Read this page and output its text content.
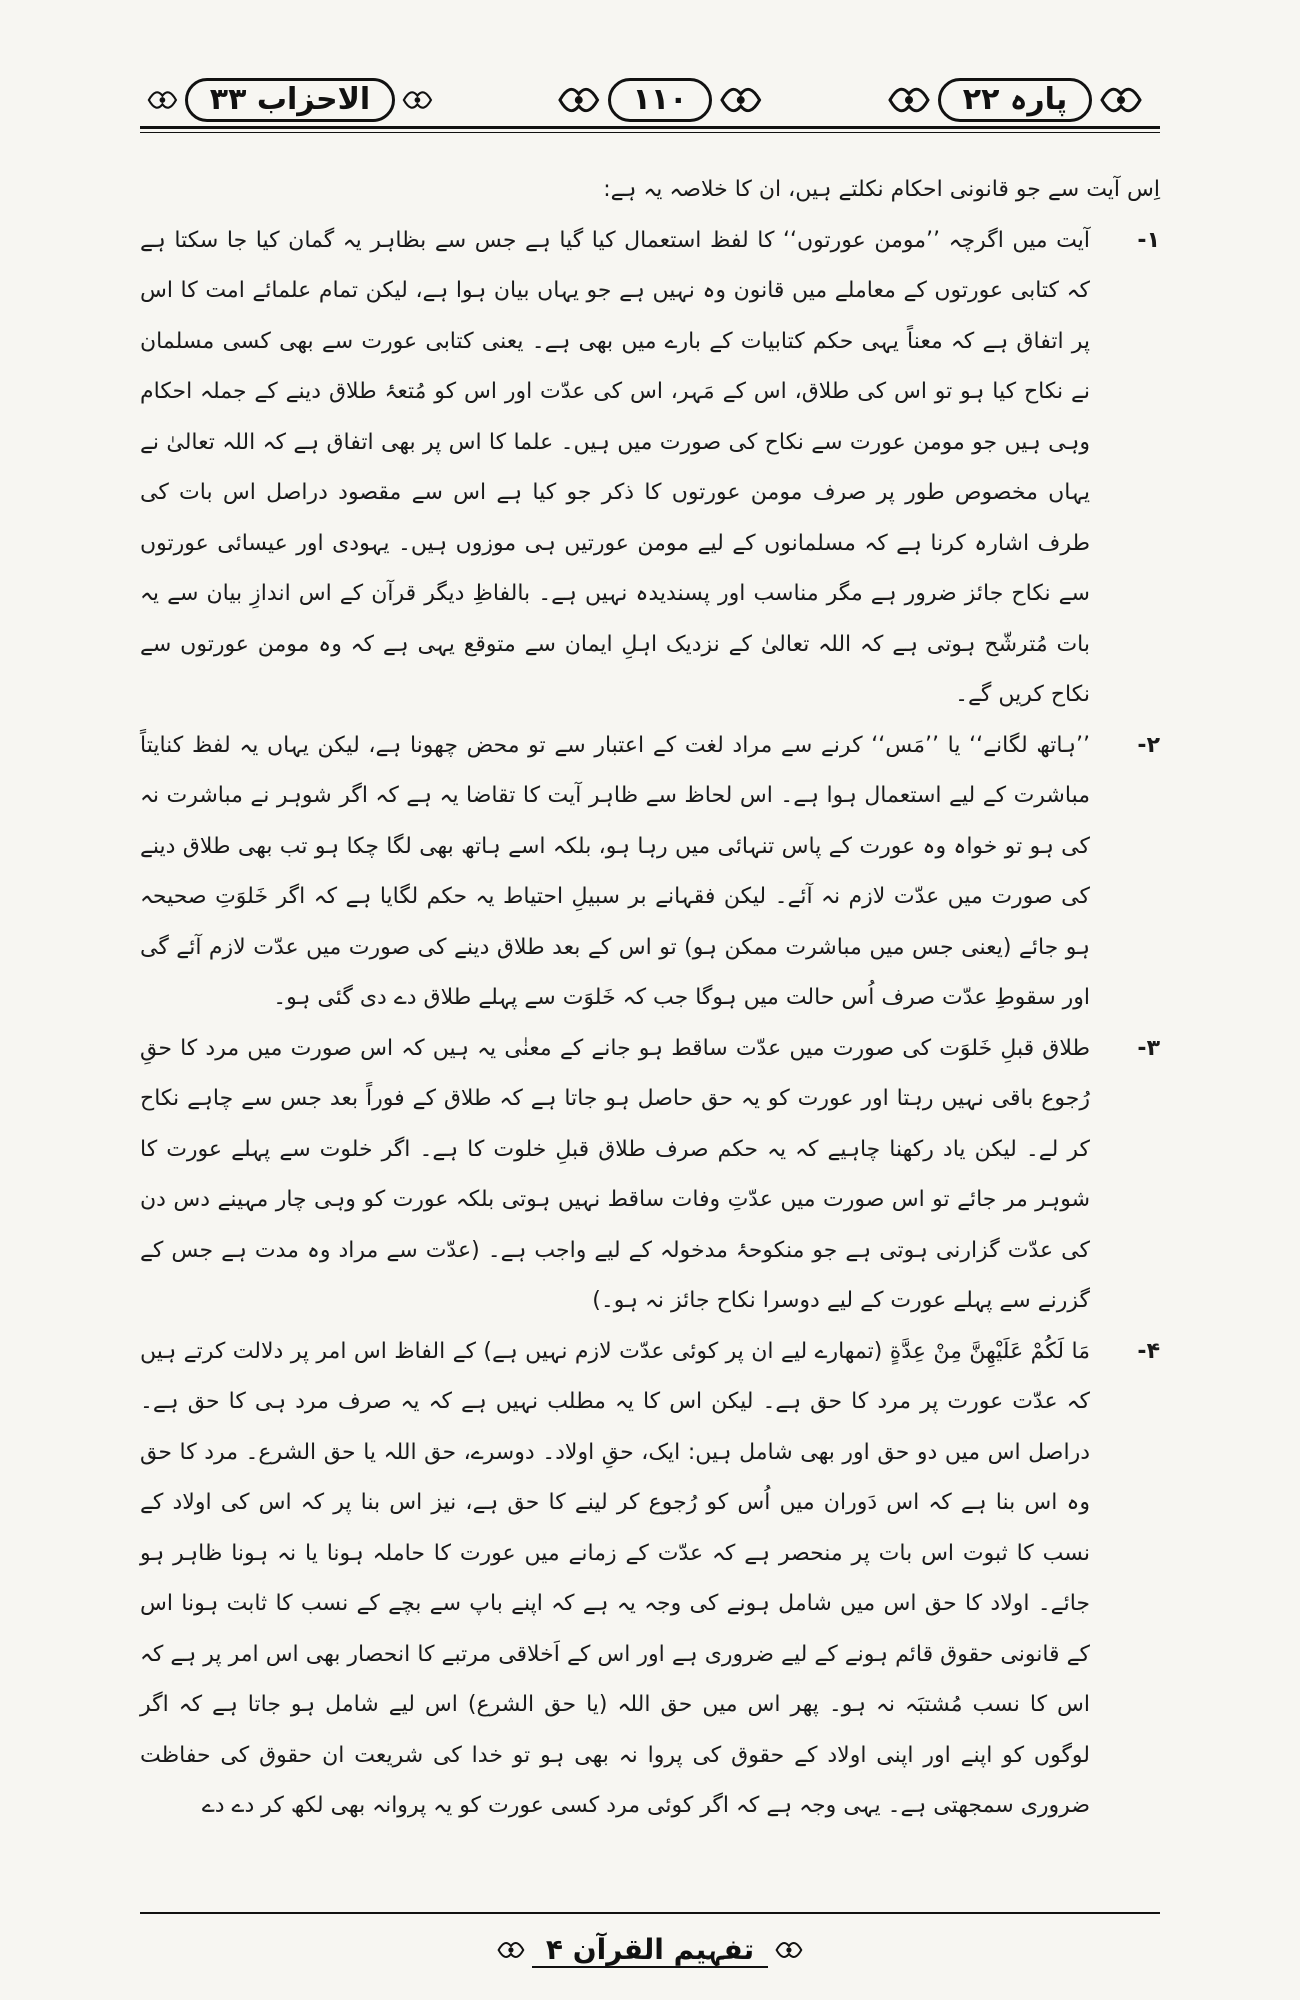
الاحزاب ۳۳	۱۱۰	پارہ ۲۲

اِس آیت سے جو قانونی احکام نکلتے ہیں، ان کا خلاصہ یہ ہے:

۱-
آیت میں اگرچہ ’’مومن عورتوں‘‘ کا لفظ استعمال کیا گیا ہے جس سے بظاہر یہ گمان کیا جا سکتا ہے کہ کتابی عورتوں کے معاملے میں قانون وہ نہیں ہے جو یہاں بیان ہوا ہے، لیکن تمام علمائے امت کا اس پر اتفاق ہے کہ معناً یہی حکم کتابیات کے بارے میں بھی ہے۔ یعنی کتابی عورت سے بھی کسی مسلمان نے نکاح کیا ہو تو اس کی طلاق، اس کے مَہر، اس کی عدّت اور اس کو مُتعۂ طلاق دینے کے جملہ احکام وہی ہیں جو مومن عورت سے نکاح کی صورت میں ہیں۔ علما کا اس پر بھی اتفاق ہے کہ اللہ تعالیٰ نے یہاں مخصوص طور پر صرف مومن عورتوں کا ذکر جو کیا ہے اس سے مقصود دراصل اس بات کی طرف اشارہ کرنا ہے کہ مسلمانوں کے لیے مومن عورتیں ہی موزوں ہیں۔ یہودی اور عیسائی عورتوں سے نکاح جائز ضرور ہے مگر مناسب اور پسندیدہ نہیں ہے۔ بالفاظِ دیگر قرآن کے اس اندازِ بیان سے یہ بات مُترشّح ہوتی ہے کہ اللہ تعالیٰ کے نزدیک اہلِ ایمان سے متوقع یہی ہے کہ وہ مومن عورتوں سے نکاح کریں گے۔
۲-
’’ہاتھ لگانے‘‘ یا ’’مَس‘‘ کرنے سے مراد لغت کے اعتبار سے تو محض چھونا ہے، لیکن یہاں یہ لفظ کنایتاً مباشرت کے لیے استعمال ہوا ہے۔ اس لحاظ سے ظاہر آیت کا تقاضا یہ ہے کہ اگر شوہر نے مباشرت نہ کی ہو تو خواہ وہ عورت کے پاس تنہائی میں رہا ہو، بلکہ اسے ہاتھ بھی لگا چکا ہو تب بھی طلاق دینے کی صورت میں عدّت لازم نہ آئے۔ لیکن فقہانے بر سبیلِ احتیاط یہ حکم لگایا ہے کہ اگر خَلوَتِ صحیحہ ہو جائے (یعنی جس میں مباشرت ممکن ہو) تو اس کے بعد طلاق دینے کی صورت میں عدّت لازم آئے گی اور سقوطِ عدّت صرف اُس حالت میں ہوگا جب کہ خَلوَت سے پہلے طلاق دے دی گئی ہو۔
۳-
طلاق قبلِ خَلوَت کی صورت میں عدّت ساقط ہو جانے کے معنٰی یہ ہیں کہ اس صورت میں مرد کا حقِ رُجوع باقی نہیں رہتا اور عورت کو یہ حق حاصل ہو جاتا ہے کہ طلاق کے فوراً بعد جس سے چاہے نکاح کر لے۔ لیکن یاد رکھنا چاہیے کہ یہ حکم صرف طلاق قبلِ خلوت کا ہے۔ اگر خلوت سے پہلے عورت کا شوہر مر جائے تو اس صورت میں عدّتِ وفات ساقط نہیں ہوتی بلکہ عورت کو وہی چار مہینے دس دن کی عدّت گزارنی ہوتی ہے جو منکوحۂ مدخولہ کے لیے واجب ہے۔ (عدّت سے مراد وہ مدت ہے جس کے گزرنے سے پہلے عورت کے لیے دوسرا نکاح جائز نہ ہو۔)
۴-
مَا لَكُمْ عَلَيْهِنَّ مِنْ عِدَّةٍ (تمھارے لیے ان پر کوئی عدّت لازم نہیں ہے) کے الفاظ اس امر پر دلالت کرتے ہیں کہ عدّت عورت پر مرد کا حق ہے۔ لیکن اس کا یہ مطلب نہیں ہے کہ یہ صرف مرد ہی کا حق ہے۔ دراصل اس میں دو حق اور بھی شامل ہیں: ایک، حقِ اولاد۔ دوسرے، حق اللہ یا حق الشرع۔ مرد کا حق وہ اس بنا ہے کہ اس دَوران میں اُس کو رُجوع کر لینے کا حق ہے، نیز اس بنا پر کہ اس کی اولاد کے نسب کا ثبوت اس بات پر منحصر ہے کہ عدّت کے زمانے میں عورت کا حاملہ ہونا یا نہ ہونا ظاہر ہو جائے۔ اولاد کا حق اس میں شامل ہونے کی وجہ یہ ہے کہ اپنے باپ سے بچے کے نسب کا ثابت ہونا اس کے قانونی حقوق قائم ہونے کے لیے ضروری ہے اور اس کے اَخلاقی مرتبے کا انحصار بھی اس امر پر ہے کہ اس کا نسب مُشتبَہ نہ ہو۔ پھر اس میں حق اللہ (یا حق الشرع) اس لیے شامل ہو جاتا ہے کہ اگر لوگوں کو اپنے اور اپنی اولاد کے حقوق کی پروا نہ بھی ہو تو خدا کی شریعت ان حقوق کی حفاظت ضروری سمجھتی ہے۔ یہی وجہ ہے کہ اگر کوئی مرد کسی عورت کو یہ پروانہ بھی لکھ کر دے دے
تفہیم القرآن ۴
